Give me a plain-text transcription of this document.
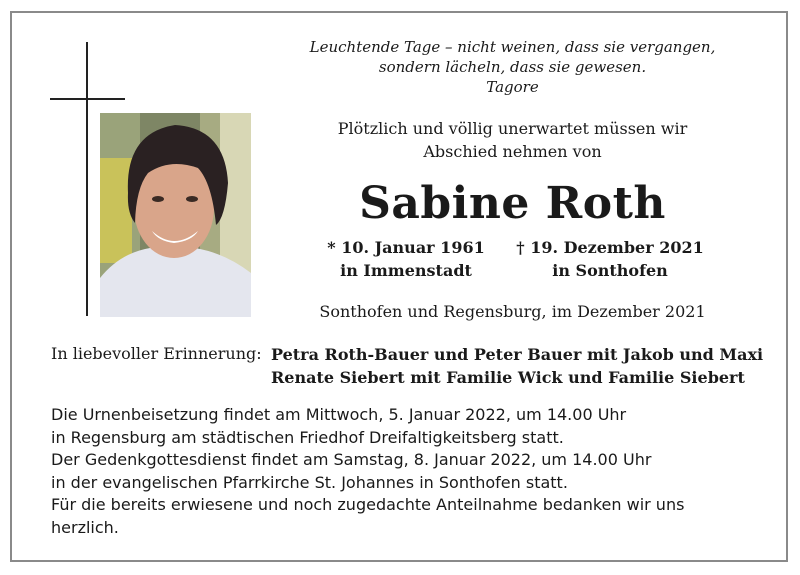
Leuchtende Tage – nicht weinen, dass sie vergangen,
sondern lächeln, dass sie gewesen.
Tagore
Plötzlich und völlig unerwartet müssen wir
Abschied nehmen von
Sabine Roth
* 10. Januar 1961
in Immenstadt
† 19. Dezember 2021
in Sonthofen
Sonthofen und Regensburg, im Dezember 2021
In liebevoller Erinnerung: Petra Roth-Bauer und Peter Bauer mit Jakob und Maxi
Renate Siebert mit Familie Wick und Familie Siebert
Die Urnenbeisetzung findet am Mittwoch, 5. Januar 2022, um 14.00 Uhr
in Regensburg am städtischen Friedhof Dreifaltigkeitsberg statt.
Der Gedenkgottesdienst findet am Samstag, 8. Januar 2022, um 14.00 Uhr
in der evangelischen Pfarrkirche St. Johannes in Sonthofen statt.
Für die bereits erwiesene und noch zugedachte Anteilnahme bedanken wir uns
herzlich.
